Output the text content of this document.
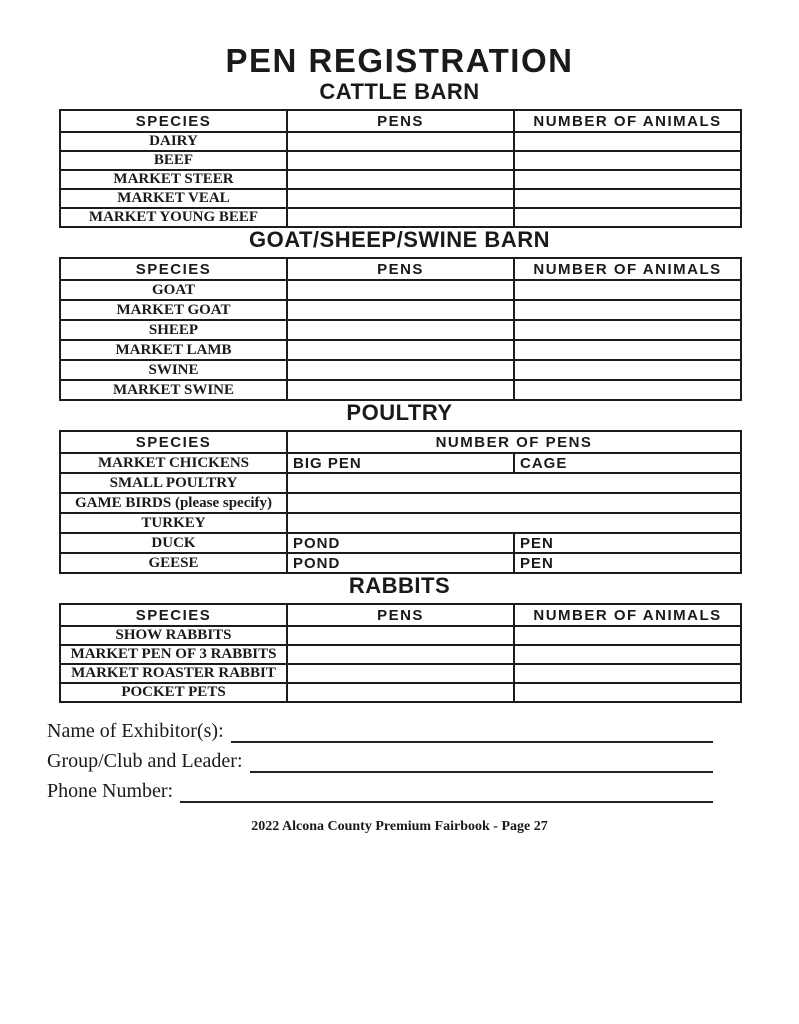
PEN REGISTRATION
CATTLE BARN
SPECIES	PENS	NUMBER OF ANIMALS
DAIRY		
BEEF		
MARKET STEER		
MARKET VEAL		
MARKET YOUNG BEEF		
GOAT/SHEEP/SWINE BARN
SPECIES	PENS	NUMBER OF ANIMALS
GOAT		
MARKET GOAT		
SHEEP		
MARKET LAMB		
SWINE		
MARKET SWINE		
POULTRY
SPECIES	NUMBER OF PENS	
MARKET CHICKENS	BIG PEN	CAGE
SMALL POULTRY		
GAME BIRDS (please specify)		
TURKEY		
DUCK	POND	PEN
GEESE	POND	PEN
RABBITS
SPECIES	PENS	NUMBER OF ANIMALS
SHOW RABBITS		
MARKET PEN OF 3 RABBITS		
MARKET ROASTER RABBIT		
POCKET PETS		
Name of Exhibitor(s):
Group/Club and Leader:
Phone Number:
2022 Alcona County Premium Fairbook - Page 27
